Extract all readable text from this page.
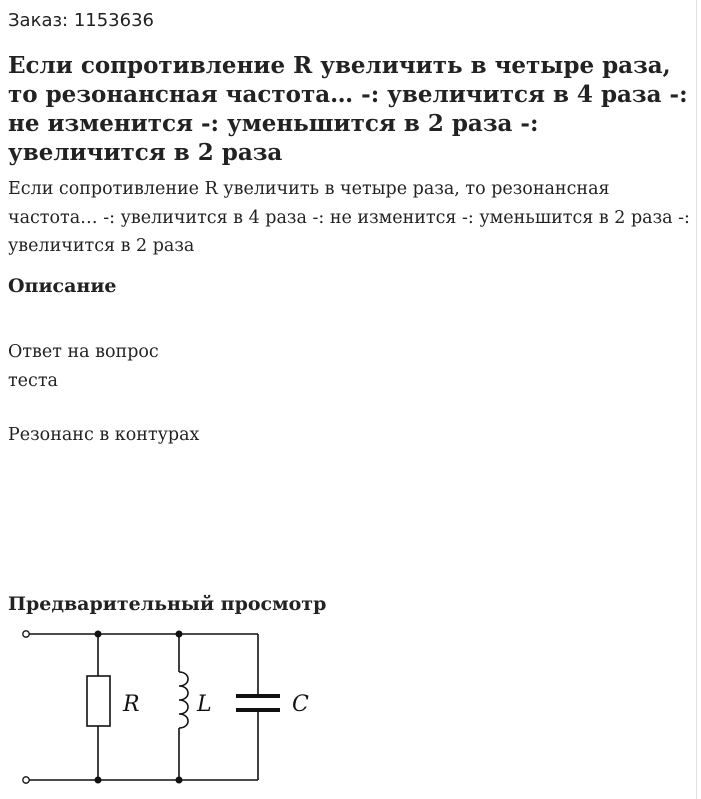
Заказ: 1153636
Если сопротивление R увеличить в четыре раза, то резонансная частота… -: увеличится в 4 раза -: не изменится -: уменьшится в 2 раза -: увеличится в 2 раза
Если сопротивление R увеличить в четыре раза, то резонансная частота… -: увеличится в 4 раза -: не изменится -: уменьшится в 2 раза -: увеличится в 2 раза
Описание
Ответ на вопрос
теста
Резонанс в контурах
Предварительный просмотр
R	L	C
